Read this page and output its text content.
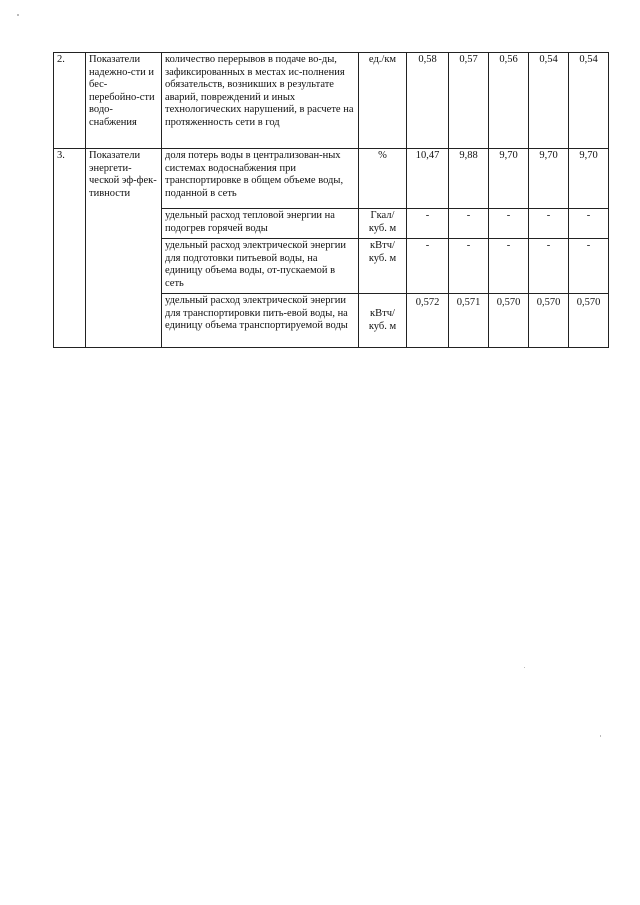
2.	Показатели надежно-сти и бес-перебойно-сти водо-снабжения	количество перерывов в подаче во-ды, зафиксированных в местах ис-полнения обязательств, возникших в результате аварий, повреждений и иных технологических нарушений, в расчете на протяженность сети в год	ед./км	0,58	0,57	0,56	0,54	0,54
3.	Показатели энергети-ческой эф-фек-тивности	доля потерь воды в централизован-ных системах водоснабжения при транспортировке в общем объеме воды, поданной в сеть	%	10,47	9,88	9,70	9,70	9,70
		удельный расход тепловой энергии на подогрев горячей воды	Гкал/ куб. м	-	-	-	-	-
		удельный расход электрической энергии для подготовки питьевой воды, на единицу объема воды, от-пускаемой в сеть	кВтч/ куб. м	-	-	-	-	-
		удельный расход электрической энергии для транспортировки пить-евой воды, на единицу объема транспортируемой воды	кВтч/ куб. м	0,572	0,571	0,570	0,570	0,570
